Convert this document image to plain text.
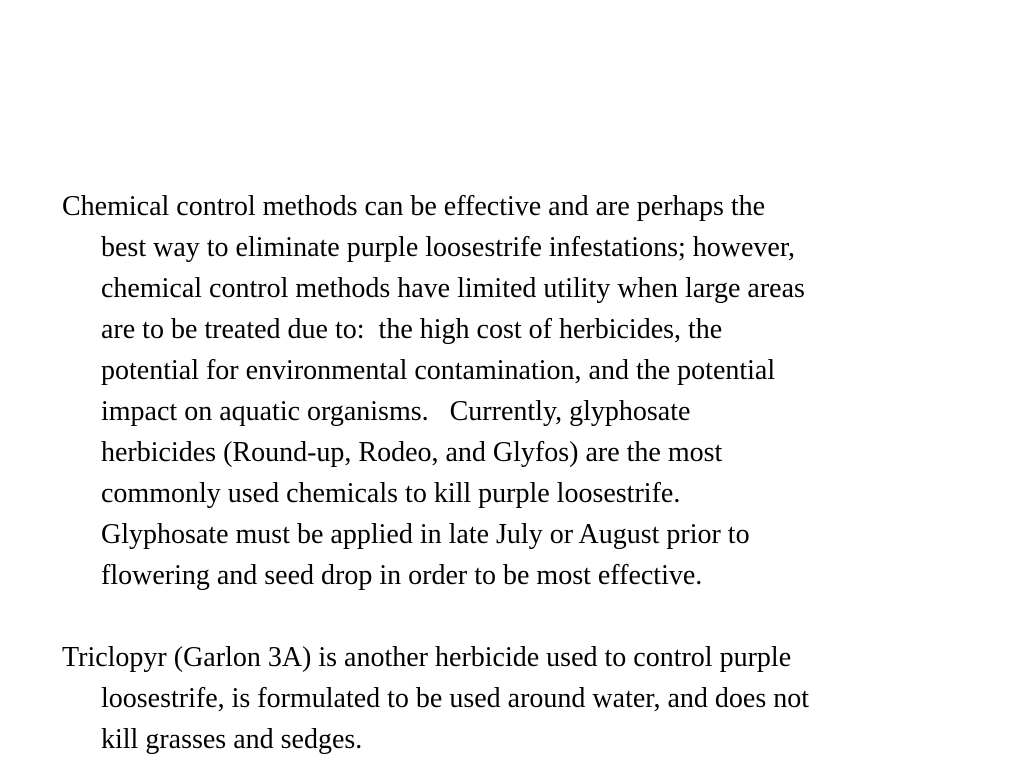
Chemical control methods can be effective and are perhaps the
best way to eliminate purple loosestrife infestations; however,
chemical control methods have limited utility when large areas
are to be treated due to:  the high cost of herbicides, the
potential for environmental contamination, and the potential
impact on aquatic organisms.   Currently, glyphosate
herbicides (Round-up, Rodeo, and Glyfos) are the most
commonly used chemicals to kill purple loosestrife.
Glyphosate must be applied in late July or August prior to
flowering and seed drop in order to be most effective.
Triclopyr (Garlon 3A) is another herbicide used to control purple
loosestrife, is formulated to be used around water, and does not
kill grasses and sedges.
